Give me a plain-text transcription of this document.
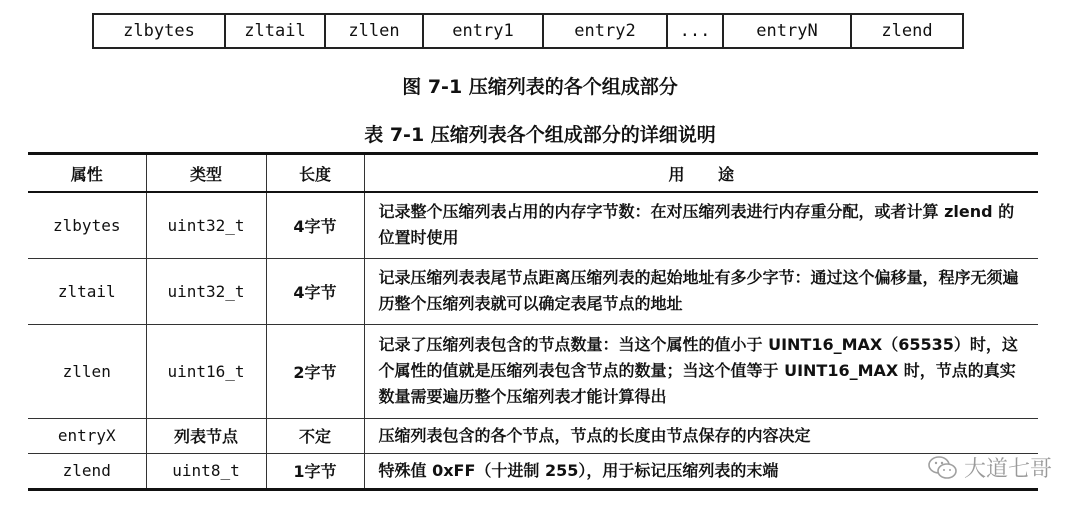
zlbytes	zltail	zllen	entry1	entry2	...	entryN	zlend
图 7-1 压缩列表的各个组成部分
表 7-1 压缩列表各个组成部分的详细说明
属性	类型	长度	用      途
zlbytes	uint32_t	4字节	记录整个压缩列表占用的内存字节数：在对压缩列表进行内存重分配，或者计算 zlend 的位置时使用
zltail	uint32_t	4字节	记录压缩列表表尾节点距离压缩列表的起始地址有多少字节：通过这个偏移量，程序无须遍历整个压缩列表就可以确定表尾节点的地址
zllen	uint16_t	2字节	记录了压缩列表包含的节点数量：当这个属性的值小于 UINT16_MAX（65535）时，这个属性的值就是压缩列表包含节点的数量；当这个值等于 UINT16_MAX 时，节点的真实数量需要遍历整个压缩列表才能计算得出
entryX	列表节点	不定	压缩列表包含的各个节点，节点的长度由节点保存的内容决定
zlend	uint8_t	1字节	特殊值 0xFF（十进制 255），用于标记压缩列表的末端	大道七哥
